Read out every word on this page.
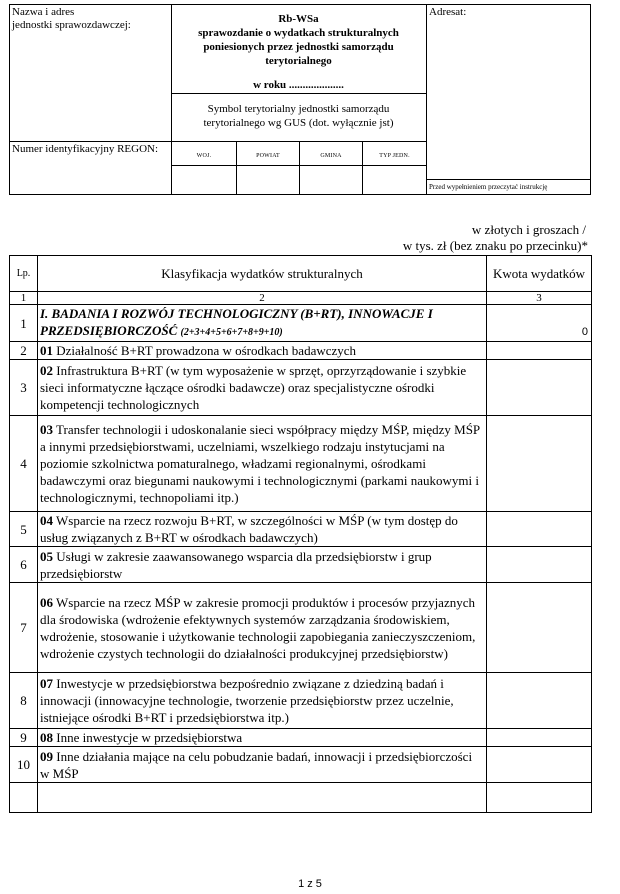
Nazwa i adres
jednostki sprawozdawczej:
Numer identyfikacyjny REGON:
Rb-WSa
sprawozdanie o wydatkach strukturalnych
poniesionych przez jednostki samorządu
terytorialnego
w roku ....................
Symbol terytorialny jednostki samorządu
terytorialnego wg GUS (dot. wyłącznie jst)
WOJ.	POWIAT	GMINA	TYP JEDN.
Adresat:
Przed wypełnieniem przeczytać instrukcję
w złotych i groszach /
w tys. zł (bez znaku po przecinku)*
Lp.	Klasyfikacja wydatków strukturalnych	Kwota wydatków
1	2	3
1	I. BADANIA I ROZWÓJ TECHNOLOGICZNY (B+RT), INNOWACJE I PRZEDSIĘBIORCZOŚĆ (2+3+4+5+6+7+8+9+10)	0
2	01 Działalność B+RT prowadzona w ośrodkach badawczych	
3	02 Infrastruktura B+RT (w tym wyposażenie w sprzęt, oprzyrządowanie i szybkie sieci informatyczne łączące ośrodki badawcze) oraz specjalistyczne ośrodki kompetencji technologicznych	
4	03 Transfer technologii i udoskonalanie sieci współpracy między MŚP, między MŚP a innymi przedsiębiorstwami, uczelniami, wszelkiego rodzaju instytucjami na poziomie szkolnictwa pomaturalnego, władzami regionalnymi, ośrodkami badawczymi oraz biegunami naukowymi i technologicznymi (parkami naukowymi i technologicznymi, technopoliami itp.)	
5	04 Wsparcie na rzecz rozwoju B+RT, w szczególności w MŚP (w tym dostęp do usług związanych z B+RT w ośrodkach badawczych)	
6	05 Usługi w zakresie zaawansowanego wsparcia dla przedsiębiorstw i grup przedsiębiorstw	
7	06 Wsparcie na rzecz MŚP w zakresie promocji produktów i procesów przyjaznych dla środowiska (wdrożenie efektywnych systemów zarządzania środowiskiem, wdrożenie, stosowanie i użytkowanie technologii zapobiegania zanieczyszczeniom, wdrożenie czystych technologii do działalności produkcyjnej przedsiębiorstw)	
8	07 Inwestycje w przedsiębiorstwa bezpośrednio związane z dziedziną badań i innowacji (innowacyjne technologie, tworzenie przedsiębiorstw przez uczelnie, istniejące ośrodki B+RT i przedsiębiorstwa itp.)	
9	08 Inne inwestycje w przedsiębiorstwa	
10	09 Inne działania mające na celu pobudzanie badań, innowacji i przedsiębiorczości w MŚP	

1 z 5
